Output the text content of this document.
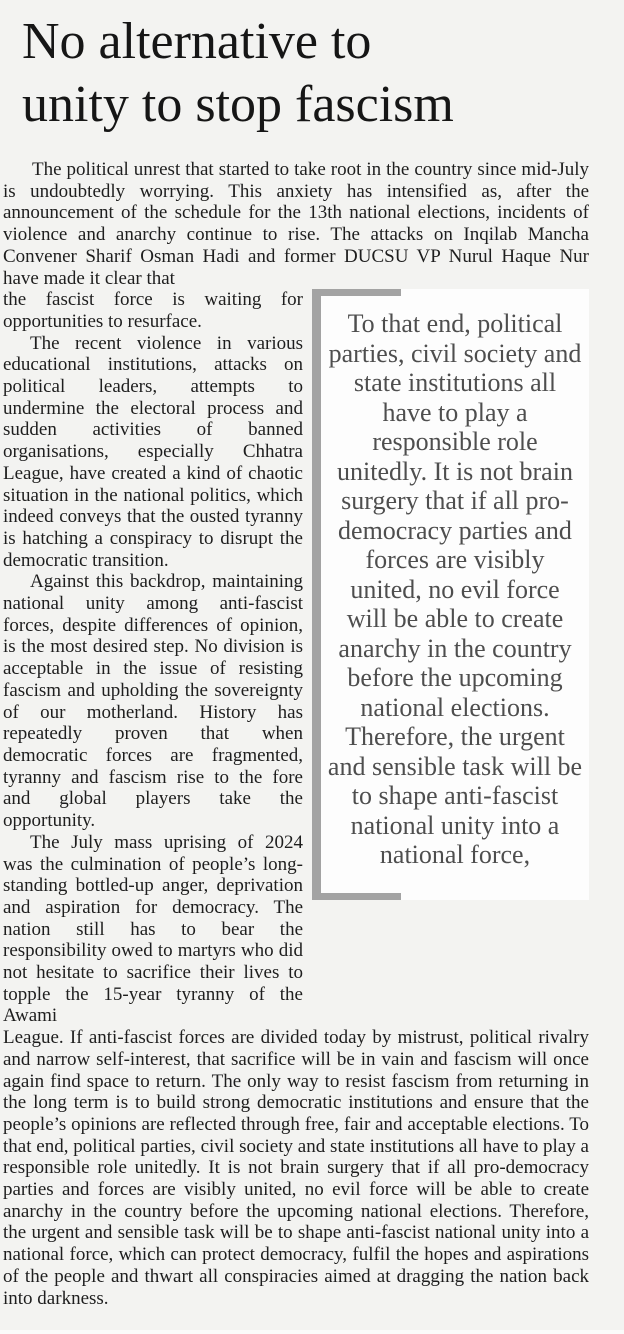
No alternative to
unity to stop fascism

The political unrest that started to take root in the country since mid-July is undoubtedly worrying. This anxiety has intensified as, after the announcement of the schedule for the 13th national elections, incidents of violence and anarchy continue to rise. The attacks on Inqilab Mancha Convener Sharif Osman Hadi and former DUCSU VP Nurul Haque Nur have made it clear that

the fascist force is waiting for opportunities to resurface.

The recent violence in various educational institutions, attacks on political leaders, attempts to undermine the electoral process and sudden activities of banned organisations, especially Chhatra League, have created a kind of chaotic situation in the national politics, which indeed conveys that the ousted tyranny is hatching a conspiracy to disrupt the democratic transition.

Against this backdrop, maintaining national unity among anti-fascist forces, despite differences of opinion, is the most desired step. No division is acceptable in the issue of resisting fascism and upholding the sovereignty of our motherland. History has repeatedly proven that when democratic forces are fragmented, tyranny and fascism rise to the fore and global players take the opportunity.

The July mass uprising of 2024 was the culmination of people’s long-standing bottled-up anger, deprivation and aspiration for democracy. The nation still has to bear the responsibility owed to martyrs who did not hesitate to sacrifice their lives to topple the 15-year tyranny of the Awami

To that end, political parties, civil society and state institutions all have to play a responsible role unitedly. It is not brain surgery that if all pro-democracy parties and forces are visibly united, no evil force will be able to create anarchy in the country before the upcoming national elections. Therefore, the urgent and sensible task will be to shape anti-fascist national unity into a national force,

League. If anti-fascist forces are divided today by mistrust, political rivalry and narrow self-interest, that sacrifice will be in vain and fascism will once again find space to return. The only way to resist fascism from returning in the long term is to build strong democratic institutions and ensure that the people’s opinions are reflected through free, fair and acceptable elections. To that end, political parties, civil society and state institutions all have to play a responsible role unitedly. It is not brain surgery that if all pro-democracy parties and forces are visibly united, no evil force will be able to create anarchy in the country before the upcoming national elections. Therefore, the urgent and sensible task will be to shape anti-fascist national unity into a national force, which can protect democracy, fulfil the hopes and aspirations of the people and thwart all conspiracies aimed at dragging the nation back into darkness.
